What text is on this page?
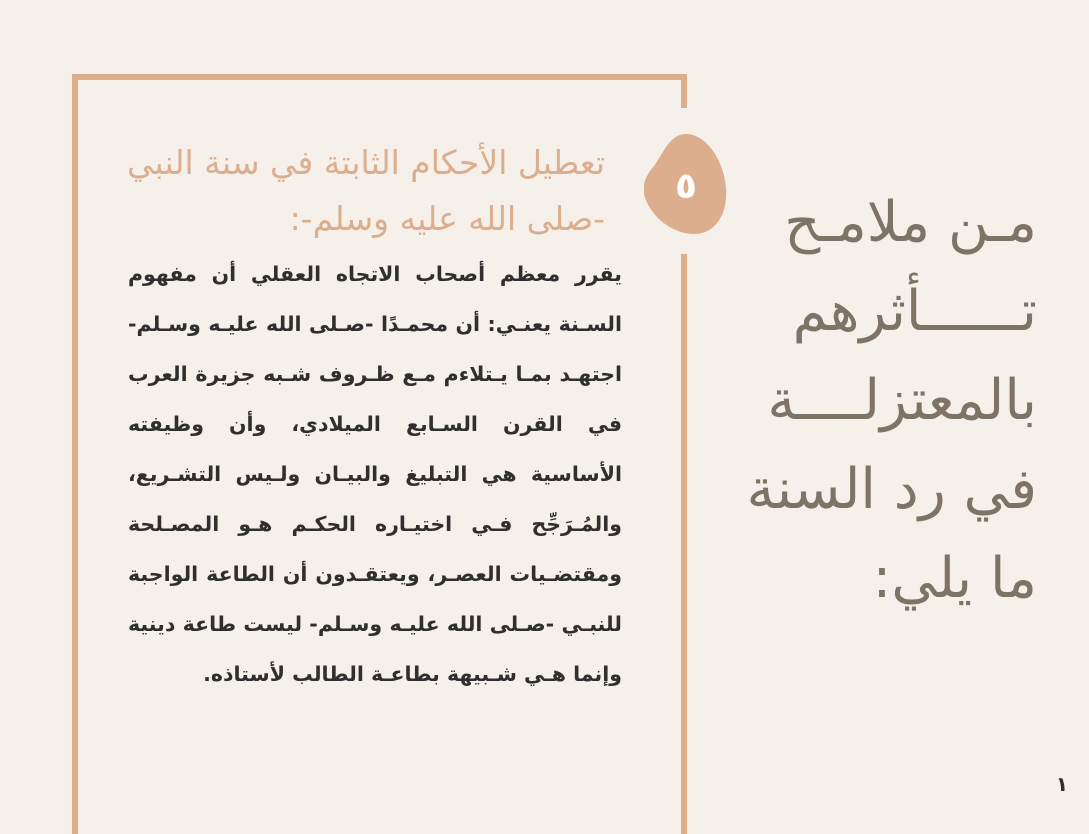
٥
تعطيل الأحكام الثابتة في سنة النبي -صلى الله عليه وسلم-:

يقرر معظم أصحاب الاتجاه العقلي أن مفهوم السـنة يعنـي: أن محمـدًا -صـلى الله عليـه وسـلم- اجتهـد بمـا يـتلاءم مـع ظـروف شـبه جزيرة العرب في القرن السـابع الميلادي، وأن وظيفته الأساسية هي التبليغ والبيـان ولـيس التشـريع، والمُـرَجِّح فـي اختيـاره الحكـم هـو المصـلحة ومقتضـيات العصـر، ويعتقـدون أن الطاعة الواجبة للنبـي -صـلى الله عليـه وسـلم- ليست طاعة دينية وإنما هـي شـبيهة بطاعـة الطالب لأستاذه.

مـن ملامـح تــــــأثرهم بالمعتزلــــة في رد السنة ما يلي:
١
